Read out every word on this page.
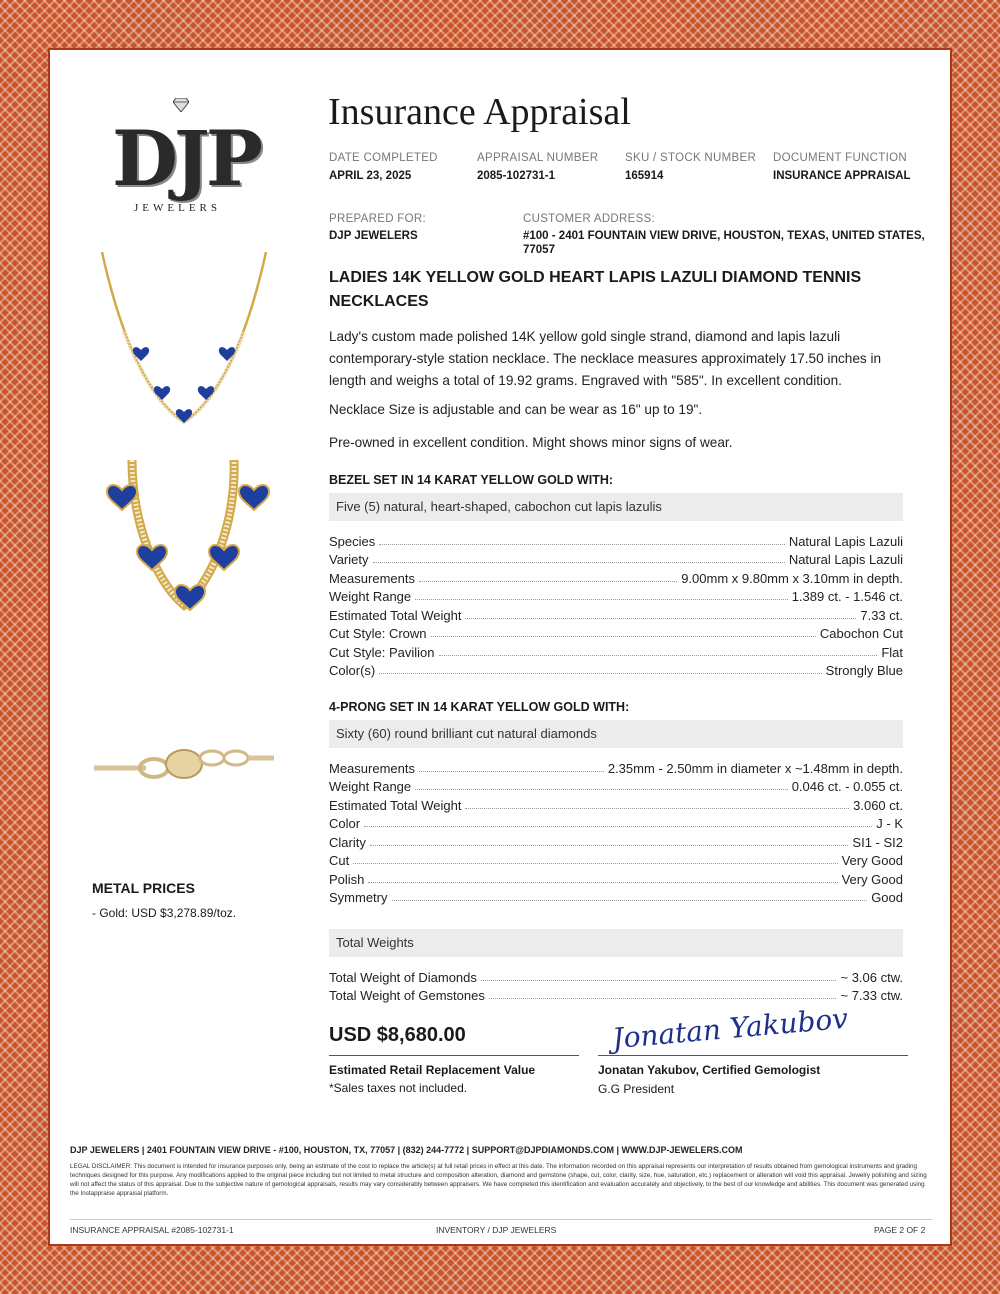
DJP
JEWELERS
Insurance Appraisal
DATE COMPLETED
APRIL 23, 2025
APPRAISAL NUMBER
2085-102731-1
SKU / STOCK NUMBER
165914
DOCUMENT FUNCTION
INSURANCE APPRAISAL
PREPARED FOR:
DJP JEWELERS
CUSTOMER ADDRESS:
#100 - 2401 FOUNTAIN VIEW DRIVE, HOUSTON, TEXAS, UNITED STATES,
77057
METAL PRICES
- Gold: USD $3,278.89/toz.
LADIES 14K YELLOW GOLD HEART LAPIS LAZULI DIAMOND TENNIS
NECKLACES
Lady's custom made polished 14K yellow gold single strand, diamond and lapis lazuli
contemporary-style station necklace. The necklace measures approximately 17.50 inches in
length and weighs a total of 19.92 grams. Engraved with "585". In excellent condition.
Necklace Size is adjustable and can be wear as 16" up to 19".
Pre-owned in excellent condition. Might shows minor signs of wear.
BEZEL SET IN 14 KARAT YELLOW GOLD WITH:
Five (5) natural, heart-shaped, cabochon cut lapis lazulis
Species	Natural Lapis Lazuli
Variety	Natural Lapis Lazuli
Measurements	9.00mm x 9.80mm x 3.10mm in depth.
Weight Range	1.389 ct. - 1.546 ct.
Estimated Total Weight	7.33 ct.
Cut Style: Crown	Cabochon Cut
Cut Style: Pavilion	Flat
Color(s)	Strongly Blue
4-PRONG SET IN 14 KARAT YELLOW GOLD WITH:
Sixty (60) round brilliant cut natural diamonds
Measurements	2.35mm - 2.50mm in diameter x ~1.48mm in depth.
Weight Range	0.046 ct. - 0.055 ct.
Estimated Total Weight	3.060 ct.
Color	J - K
Clarity	SI1 - SI2
Cut	Very Good
Polish	Very Good
Symmetry	Good
Total Weights
Total Weight of Diamonds	~ 3.06 ctw.
Total Weight of Gemstones	~ 7.33 ctw.
USD $8,680.00
Estimated Retail Replacement Value
*Sales taxes not included.
Jonatan Yakubov
Jonatan Yakubov, Certified Gemologist
G.G President
DJP JEWELERS | 2401 FOUNTAIN VIEW DRIVE - #100, HOUSTON, TX, 77057 | (832) 244-7772 | SUPPORT@DJPDIAMONDS.COM | WWW.DJP-JEWELERS.COM
LEGAL DISCLAIMER: This document is intended for insurance purposes only, being an estimate of the cost to replace the article(s) at full retail prices in effect at this date. The information recorded on this appraisal represents our interpretation of results obtained from gemological instruments and grading techniques designed for this purpose. Any modifications applied to the original piece including but not limited to metal structure and composition alteration, diamond and gemstone (shape, cut, color, clarity, size, hue, saturation, etc.) replacement or alteration will void this appraisal. Jewelry polishing and sizing will not affect the status of this appraisal. Due to the subjective nature of gemological appraisals, results may vary considerably between appraisers. We have completed this identification and evaluation accurately and objectively, to the best of our knowledge and abilities. This document was generated using the Instappraise appraisal platform.
INSURANCE APPRAISAL #2085-102731-1	INVENTORY / DJP JEWELERS	PAGE 2 OF 2
